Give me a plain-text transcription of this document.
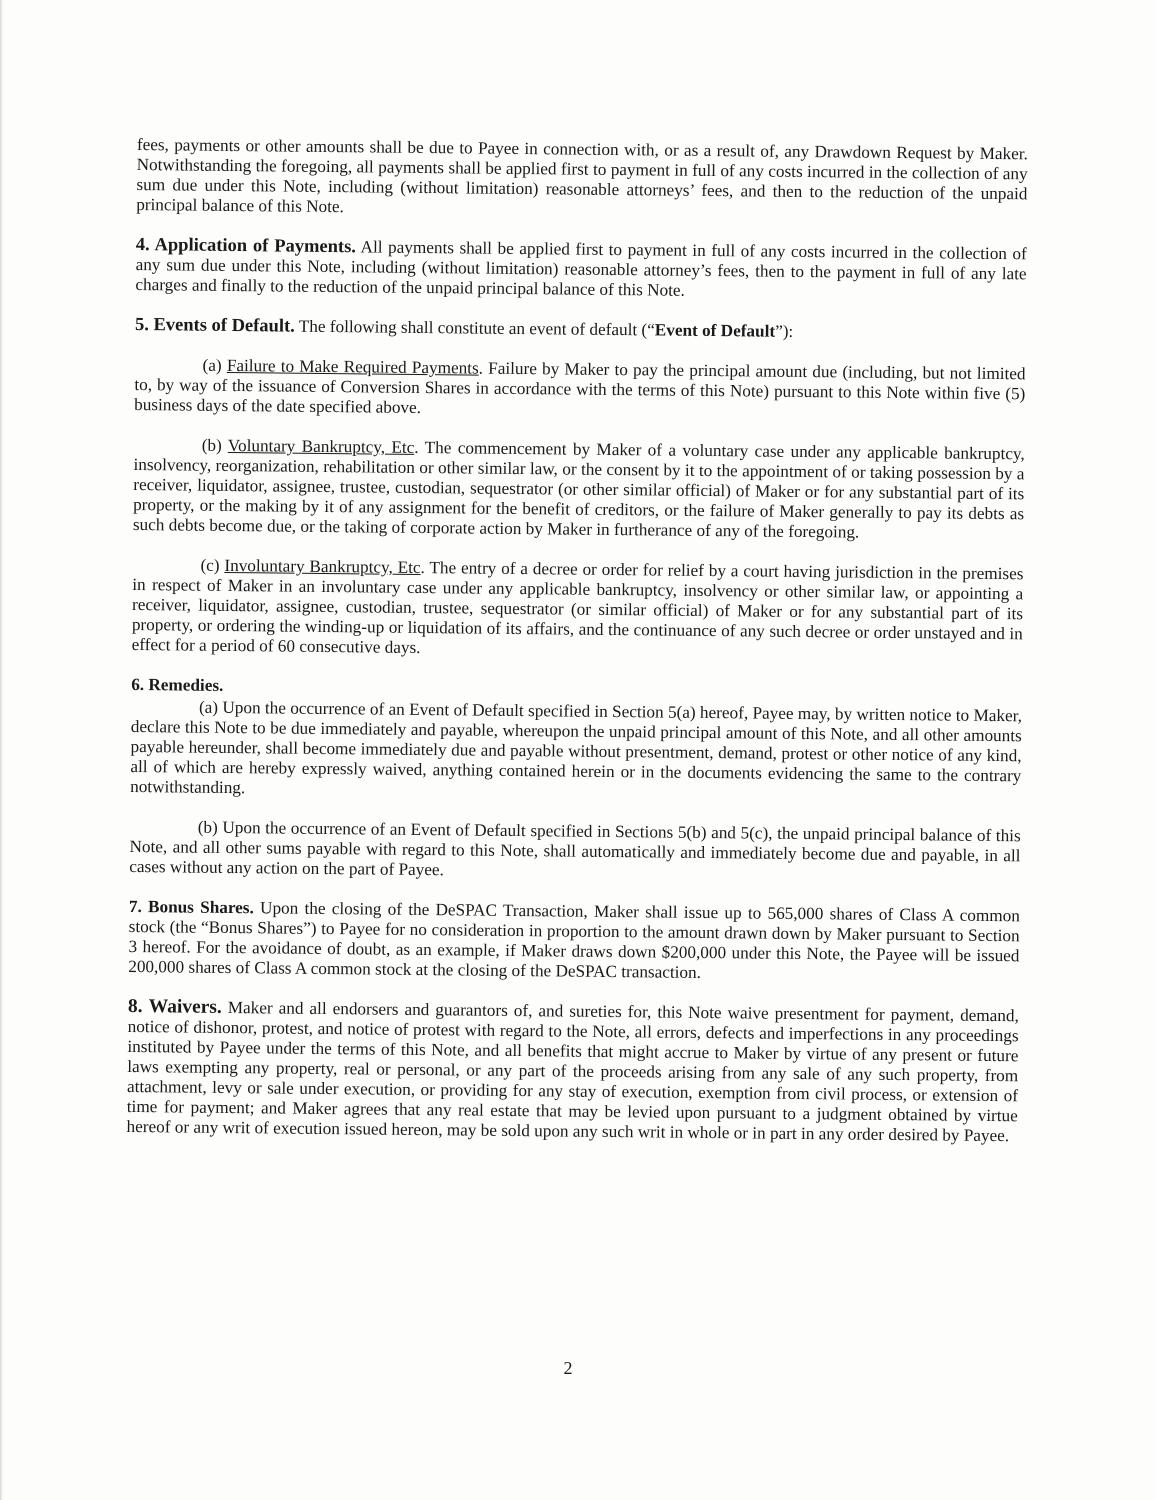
fees, payments or other amounts shall be due to Payee in connection with, or as a result of, any Drawdown Request by Maker. Notwithstanding the foregoing, all payments shall be applied first to payment in full of any costs incurred in the collection of any sum due under this Note, including (without limitation) reasonable attorneys’ fees, and then to the reduction of the unpaid principal balance of this Note.

4. Application of Payments. All payments shall be applied first to payment in full of any costs incurred in the collection of any sum due under this Note, including (without limitation) reasonable attorney’s fees, then to the payment in full of any late charges and finally to the reduction of the unpaid principal balance of this Note.

5. Events of Default. The following shall constitute an event of default (“Event of Default”):

(a) Failure to Make Required Payments. Failure by Maker to pay the principal amount due (including, but not limited to, by way of the issuance of Conversion Shares in accordance with the terms of this Note) pursuant to this Note within five (5) business days of the date specified above.

(b) Voluntary Bankruptcy, Etc. The commencement by Maker of a voluntary case under any applicable bankruptcy, insolvency, reorganization, rehabilitation or other similar law, or the consent by it to the appointment of or taking possession by a receiver, liquidator, assignee, trustee, custodian, sequestrator (or other similar official) of Maker or for any substantial part of its property, or the making by it of any assignment for the benefit of creditors, or the failure of Maker generally to pay its debts as such debts become due, or the taking of corporate action by Maker in furtherance of any of the foregoing.

(c) Involuntary Bankruptcy, Etc. The entry of a decree or order for relief by a court having jurisdiction in the premises in respect of Maker in an involuntary case under any applicable bankruptcy, insolvency or other similar law, or appointing a receiver, liquidator, assignee, custodian, trustee, sequestrator (or similar official) of Maker or for any substantial part of its property, or ordering the winding-up or liquidation of its affairs, and the continuance of any such decree or order unstayed and in effect for a period of 60 consecutive days.

6. Remedies.

(a) Upon the occurrence of an Event of Default specified in Section 5(a) hereof, Payee may, by written notice to Maker, declare this Note to be due immediately and payable, whereupon the unpaid principal amount of this Note, and all other amounts payable hereunder, shall become immediately due and payable without presentment, demand, protest or other notice of any kind, all of which are hereby expressly waived, anything contained herein or in the documents evidencing the same to the contrary notwithstanding.

(b) Upon the occurrence of an Event of Default specified in Sections 5(b) and 5(c), the unpaid principal balance of this Note, and all other sums payable with regard to this Note, shall automatically and immediately become due and payable, in all cases without any action on the part of Payee.

7. Bonus Shares. Upon the closing of the DeSPAC Transaction, Maker shall issue up to 565,000 shares of Class A common stock (the “Bonus Shares”) to Payee for no consideration in proportion to the amount drawn down by Maker pursuant to Section 3 hereof. For the avoidance of doubt, as an example, if Maker draws down $200,000 under this Note, the Payee will be issued 200,000 shares of Class A common stock at the closing of the DeSPAC transaction.

8. Waivers. Maker and all endorsers and guarantors of, and sureties for, this Note waive presentment for payment, demand, notice of dishonor, protest, and notice of protest with regard to the Note, all errors, defects and imperfections in any proceedings instituted by Payee under the terms of this Note, and all benefits that might accrue to Maker by virtue of any present or future laws exempting any property, real or personal, or any part of the proceeds arising from any sale of any such property, from attachment, levy or sale under execution, or providing for any stay of execution, exemption from civil process, or extension of time for payment; and Maker agrees that any real estate that may be levied upon pursuant to a judgment obtained by virtue hereof or any writ of execution issued hereon, may be sold upon any such writ in whole or in part in any order desired by Payee.

2
